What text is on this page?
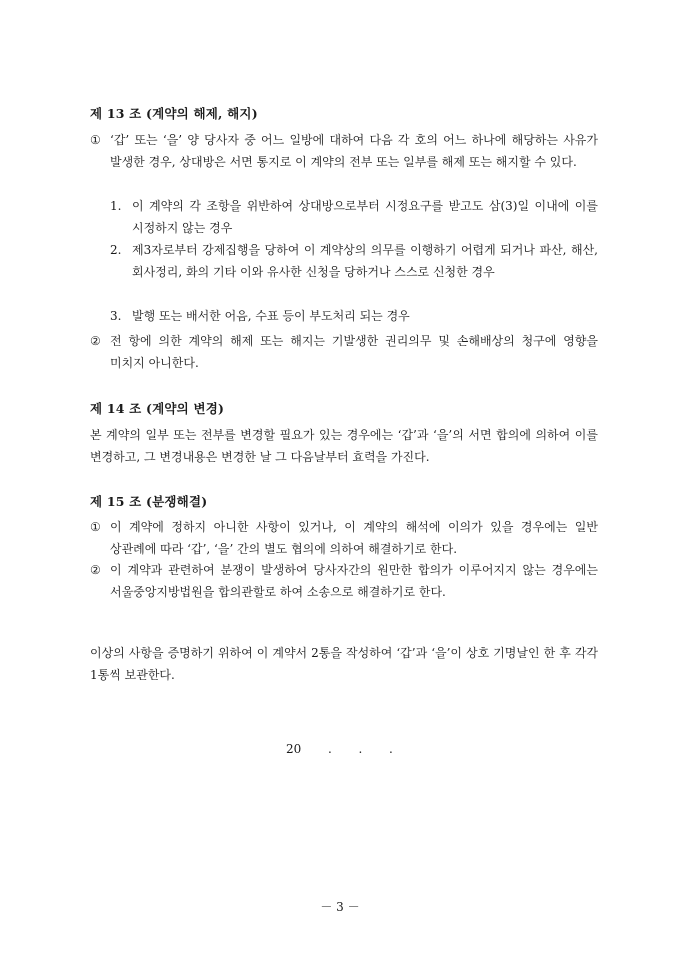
제 13 조 (계약의 해제, 해지)
① ‘갑’ 또는 ‘을’ 양 당사자 중 어느 일방에 대하여 다음 각 호의 어느 하나에 해당하는 사유가 발생한 경우, 상대방은 서면 통지로 이 계약의 전부 또는 일부를 해제 또는 해지할 수 있다.
1. 이 계약의 각 조항을 위반하여 상대방으로부터 시정요구를 받고도 삼(3)일 이내에 이를 시정하지 않는 경우
2. 제3자로부터 강제집행을 당하여 이 계약상의 의무를 이행하기 어렵게 되거나 파산, 해산, 회사정리, 화의 기타 이와 유사한 신청을 당하거나 스스로 신청한 경우
3. 발행 또는 배서한 어음, 수표 등이 부도처리 되는 경우
② 전 항에 의한 계약의 해제 또는 해지는 기발생한 권리의무 및 손해배상의 청구에 영향을 미치지 아니한다.
제 14 조 (계약의 변경)
본 계약의 일부 또는 전부를 변경할 필요가 있는 경우에는 ‘갑’과 ‘을’의 서면 합의에 의하여 이를 변경하고, 그 변경내용은 변경한 날 그 다음날부터 효력을 가진다.
제 15 조 (분쟁해결)
① 이 계약에 정하지 아니한 사항이 있거나, 이 계약의 해석에 이의가 있을 경우에는 일반 상관례에 따라 ‘갑’, ‘을’ 간의 별도 협의에 의하여 해결하기로 한다.
② 이 계약과 관련하여 분쟁이 발생하여 당사자간의 원만한 합의가 이루어지지 않는 경우에는 서울중앙지방법원을 합의관할로 하여 소송으로 해결하기로 한다.
이상의 사항을 증명하기 위하여 이 계약서 2통을 작성하여 ‘갑’과 ‘을’이 상호 기명날인 한 후 각각 1통씩 보관한다.
20       .       .       .
－ 3 －
